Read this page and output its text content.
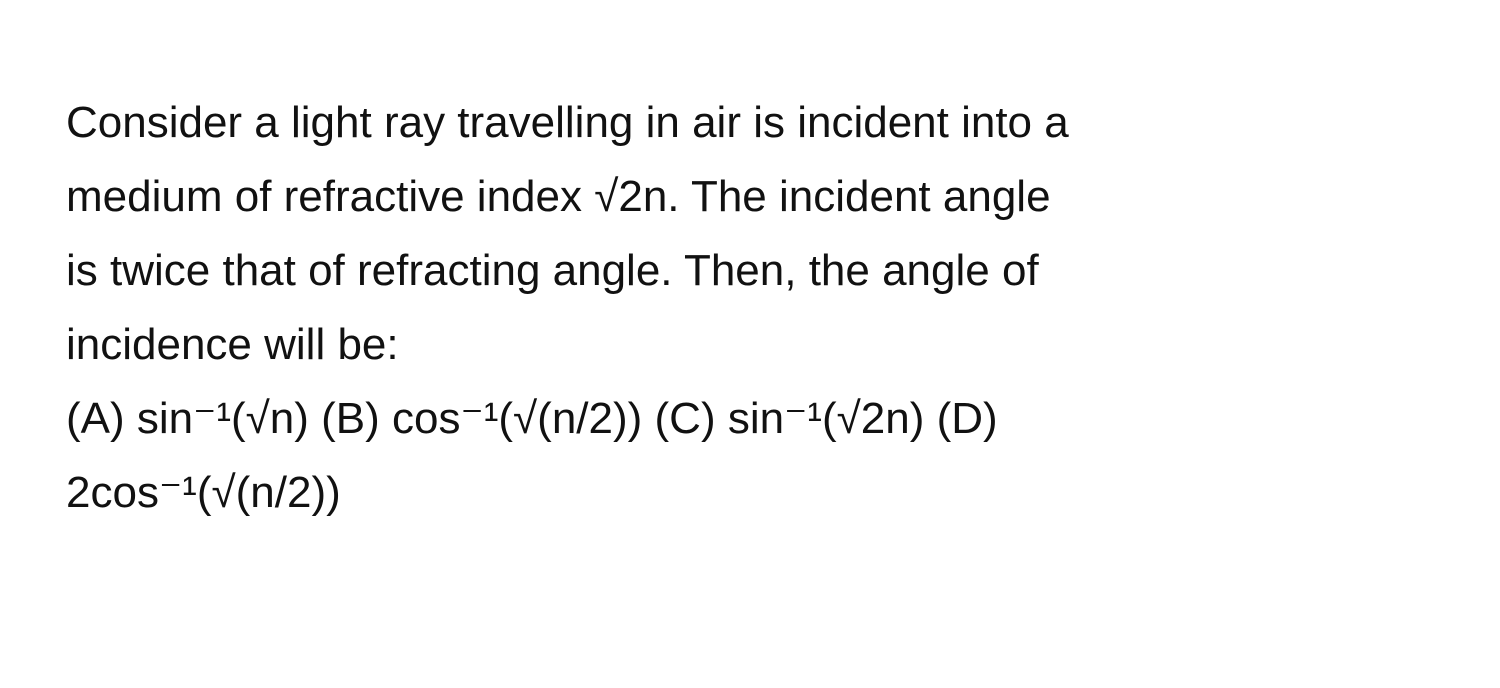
Consider a light ray travelling in air is incident into a

medium of refractive index √2n. The incident angle

is twice that of refracting angle. Then, the angle of

incidence will be:

(A) sin⁻¹(√n) (B) cos⁻¹(√(n/2)) (C) sin⁻¹(√2n) (D)

2cos⁻¹(√(n/2))
